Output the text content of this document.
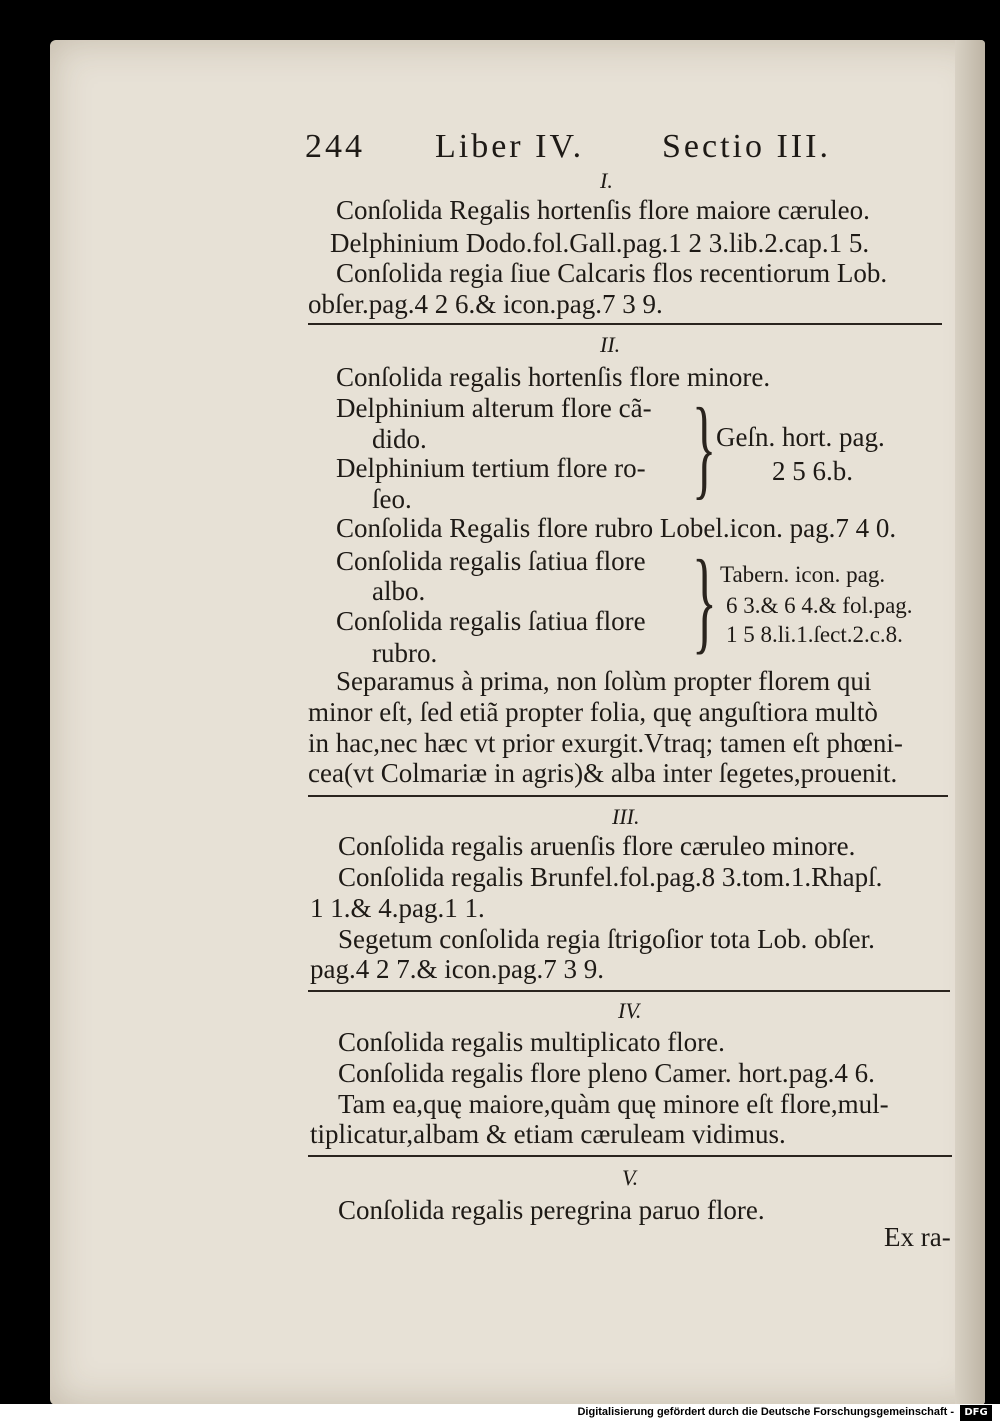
244 Liber IV. Sectio III.
I.
Conſolida Regalis hortenſis flore maiore cæruleo.
Delphinium Dodo.fol.Gall.pag.1 2 3.lib.2.cap.1 5.
Conſolida regia ſiue Calcaris flos recentiorum Lob.
obſer.pag.4 2 6.& icon.pag.7 3 9.
II.
Conſolida regalis hortenſis flore minore.
Delphinium alterum flore cã-
dido.
Delphinium tertium flore ro-
ſeo.	} Geſn. hort. pag.
2 5 6.b.
Conſolida Regalis flore rubro Lobel.icon. pag.7 4 0.
Conſolida regalis ſatiua flore
albo.
Conſolida regalis ſatiua flore
rubro. } Tabern. icon. pag.
6 3.& 6 4.& fol.pag.
1 5 8.li.1.ſect.2.c.8.
Separamus à prima, non ſolùm propter florem qui
minor eſt, ſed etiã propter folia, quę anguſtiora multò
in hac,nec hæc vt prior exurgit.Vtraq; tamen eſt phœni-
cea(vt Colmariæ in agris)& alba inter ſegetes,prouenit.
III.
Conſolida regalis aruenſis flore cæruleo minore.
Conſolida regalis Brunfel.fol.pag.8 3.tom.1.Rhapſ.
1 1.& 4.pag.1 1.
Segetum conſolida regia ſtrigoſior tota Lob. obſer.
pag.4 2 7.& icon.pag.7 3 9.
IV.
Conſolida regalis multiplicato flore.
Conſolida regalis flore pleno Camer. hort.pag.4 6.
Tam ea,quę maiore,quàm quę minore eſt flore,mul-
tiplicatur,albam & etiam cæruleam vidimus.
V.
Conſolida regalis peregrina paruo flore.
Ex ra-
Digitalisierung gefördert durch die Deutsche Forschungsgemeinschaft -	DFG
